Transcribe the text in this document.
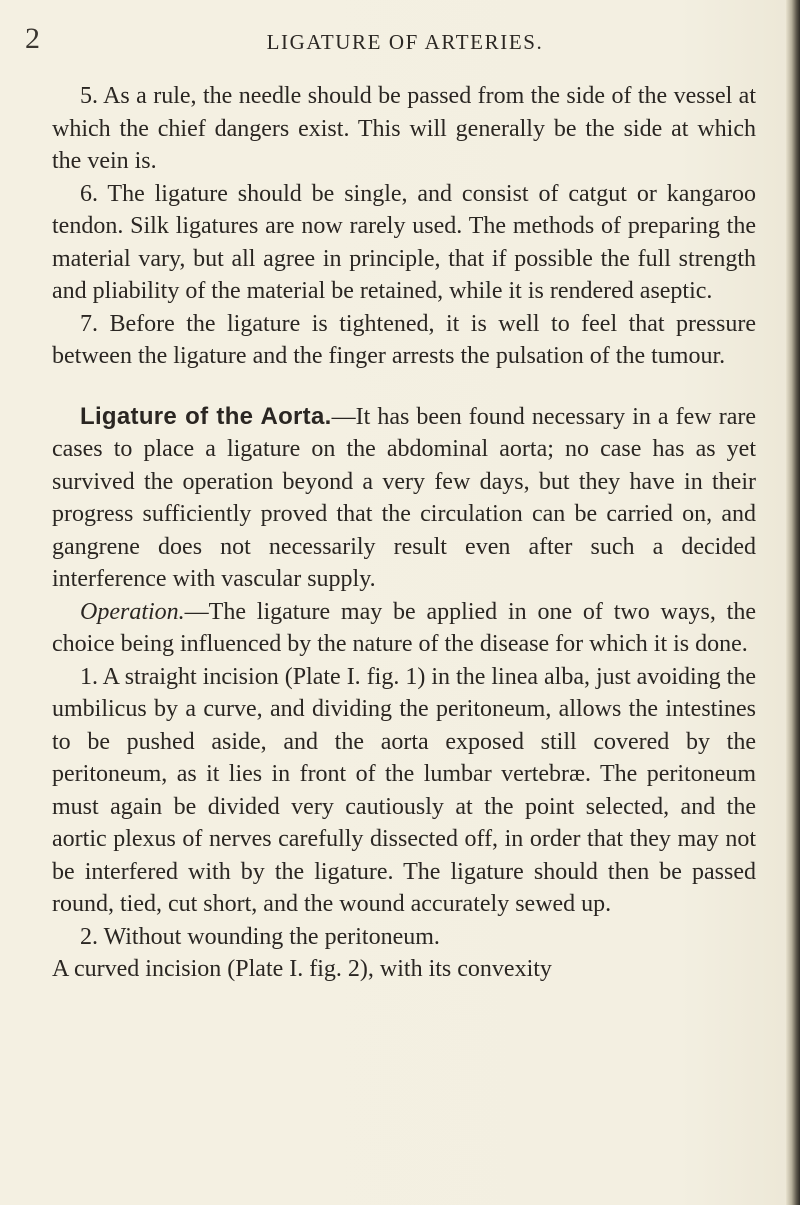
2	LIGATURE OF ARTERIES.

5. As a rule, the needle should be passed from the side of the vessel at which the chief dangers exist. This will generally be the side at which the vein is.

6. The ligature should be single, and consist of catgut or kangaroo tendon. Silk ligatures are now rarely used. The methods of preparing the material vary, but all agree in principle, that if possible the full strength and pliability of the material be retained, while it is rendered aseptic.

7. Before the ligature is tightened, it is well to feel that pressure between the ligature and the finger arrests the pulsation of the tumour.

Ligature of the Aorta.—It has been found necessary in a few rare cases to place a ligature on the abdominal aorta; no case has as yet survived the operation beyond a very few days, but they have in their progress sufficiently proved that the circulation can be carried on, and gangrene does not necessarily result even after such a decided interference with vascular supply.

Operation.—The ligature may be applied in one of two ways, the choice being influenced by the nature of the disease for which it is done.

1. A straight incision (Plate I. fig. 1) in the linea alba, just avoiding the umbilicus by a curve, and dividing the peritoneum, allows the intestines to be pushed aside, and the aorta exposed still covered by the peritoneum, as it lies in front of the lumbar vertebræ. The peritoneum must again be divided very cautiously at the point selected, and the aortic plexus of nerves carefully dissected off, in order that they may not be interfered with by the ligature. The ligature should then be passed round, tied, cut short, and the wound accurately sewed up.

2. Without wounding the peritoneum.

A curved incision (Plate I. fig. 2), with its convexity
